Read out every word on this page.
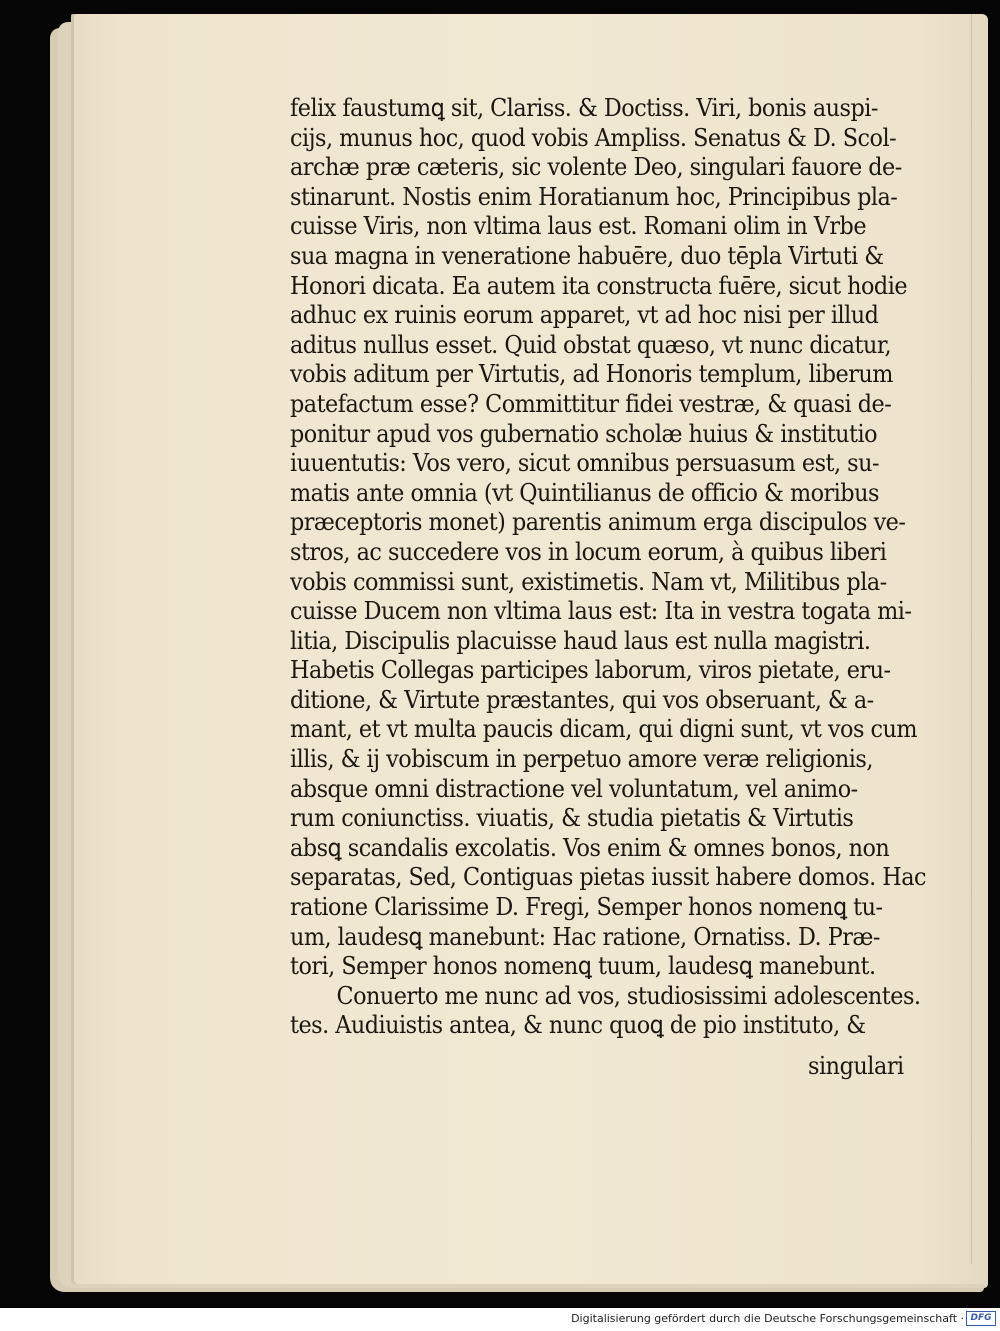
felix faustumꝗ sit, Clariss. & Doctiss. Viri, bonis auspi-
cijs, munus hoc, quod vobis Ampliss. Senatus & D. Scol-
archæ præ cæteris, sic volente Deo, singulari fauore de-
stinarunt. Nostis enim Horatianum hoc, Principibus pla-
cuisse Viris, non vltima laus est. Romani olim in Vrbe
sua magna in veneratione habuēre, duo tēpla Virtuti &
Honori dicata. Ea autem ita constructa fuēre, sicut hodie
adhuc ex ruinis eorum apparet, vt ad hoc nisi per illud
aditus nullus esset. Quid obstat quæso, vt nunc dicatur,
vobis aditum per Virtutis, ad Honoris templum, liberum
patefactum esse? Committitur fidei vestræ, & quasi de-
ponitur apud vos gubernatio scholæ huius & institutio
iuuentutis: Vos vero, sicut omnibus persuasum est, su-
matis ante omnia (vt Quintilianus de officio & moribus
præceptoris monet) parentis animum erga discipulos ve-
stros, ac succedere vos in locum eorum, à quibus liberi
vobis commissi sunt, existimetis. Nam vt, Militibus pla-
cuisse Ducem non vltima laus est: Ita in vestra togata mi-
litia, Discipulis placuisse haud laus est nulla magistri.
Habetis Collegas participes laborum, viros pietate, eru-
ditione, & Virtute præstantes, qui vos obseruant, & a-
mant, et vt multa paucis dicam, qui digni sunt, vt vos cum
illis, & ij vobiscum in perpetuo amore veræ religionis,
absque omni distractione vel voluntatum, vel animo-
rum coniunctiss. viuatis, & studia pietatis & Virtutis
absꝗ scandalis excolatis. Vos enim & omnes bonos, non
separatas, Sed, Contiguas pietas iussit habere domos. Hac
ratione Clarissime D. Fregi, Semper honos nomenꝗ tu-
um, laudesꝗ manebunt: Hac ratione, Ornatiss. D. Præ-
tori, Semper honos nomenꝗ tuum, laudesꝗ manebunt.
Conuerto me nunc ad vos, studiosissimi adolescentes.
tes. Audiuistis antea, & nunc quoꝗ de pio instituto, &
singulari
Digitalisierung gefördert durch die Deutsche Forschungsgemeinschaft · DFG
